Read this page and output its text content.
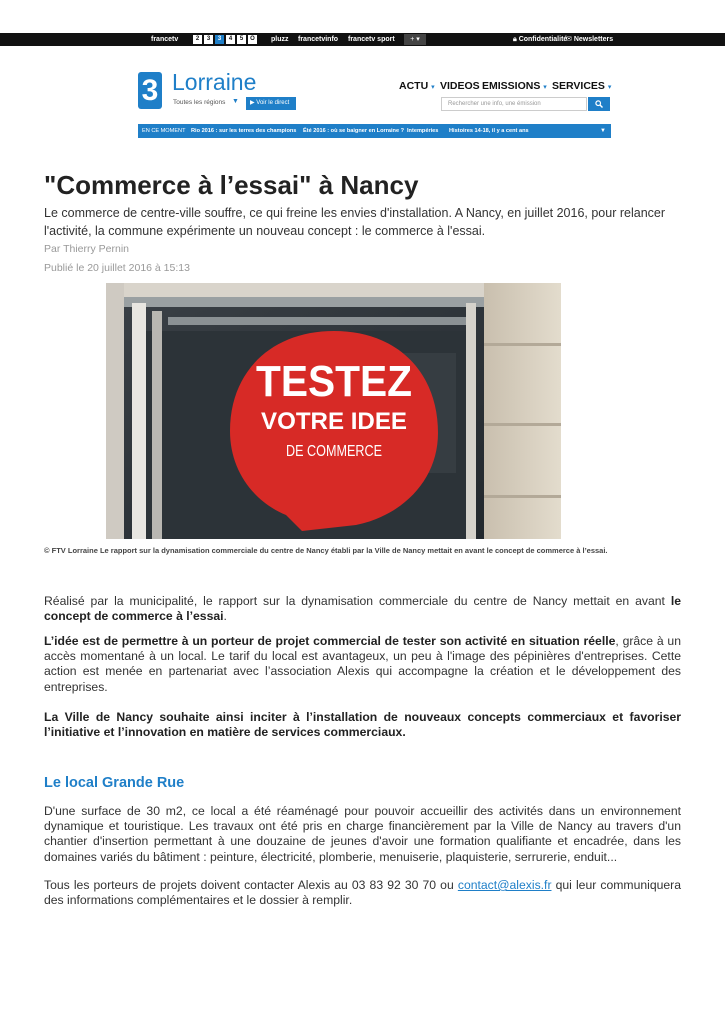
francetv	2	3	3	4	5	Ô	pluzz francetvinfo francetv sport	+ ▾	🔒︎ Confidentialité
✉ Newsletters
3 Lorraine
Toutes les régions ▼	▶ Voir le direct
ACTU ▾ VIDEOS EMISSIONS ▾ SERVICES ▾
Rechercher une info, une émission
EN CE MOMENT Rio 2016 : sur les terres des champions Été 2016 : où se baigner en Lorraine ? Intempéries Histoires 14-18, il y a cent ans	▼
"Commerce à l’essai" à Nancy

Le commerce de centre-ville souffre, ce qui freine les envies d'installation. A Nancy, en juillet 2016, pour relancer l'activité, la commune expérimente un nouveau concept : le commerce à l'essai.

Par Thierry Pernin
Publié le 20 juillet 2016 à 15:13
TESTEZ
VOTRE IDEE
DE COMMERCE

© FTV Lorraine Le rapport sur la dynamisation commerciale du centre de Nancy établi par la Ville de Nancy mettait en avant le concept de commerce à l’essai.

Réalisé par la municipalité, le rapport sur la dynamisation commerciale du centre de Nancy mettait en avant le concept de commerce à l’essai.

L’idée est de permettre à un porteur de projet commercial de tester son activité en situation réelle, grâce à un accès momentané à un local. Le tarif du local est avantageux, un peu à l'image des pépinières d'entreprises. Cette action est menée en partenariat avec l’association Alexis qui accompagne la création et le développement des entreprises.

La Ville de Nancy souhaite ainsi inciter à l’installation de nouveaux concepts commerciaux et favoriser l’initiative et l’innovation en matière de services commerciaux.

Le local Grande Rue

D'une surface de 30 m2, ce local a été réaménagé pour pouvoir accueillir des activités dans un environnement dynamique et touristique. Les travaux ont été pris en charge financièrement par la Ville de Nancy au travers d'un chantier d'insertion permettant à une douzaine de jeunes d'avoir une formation qualifiante et encadrée, dans les domaines variés du bâtiment : peinture, électricité, plomberie, menuiserie, plaquisterie, serrurerie, enduit...

Tous les porteurs de projets doivent contacter Alexis au 03 83 92 30 70 ou contact@alexis.fr qui leur communiquera des informations complémentaires et le dossier à remplir.
